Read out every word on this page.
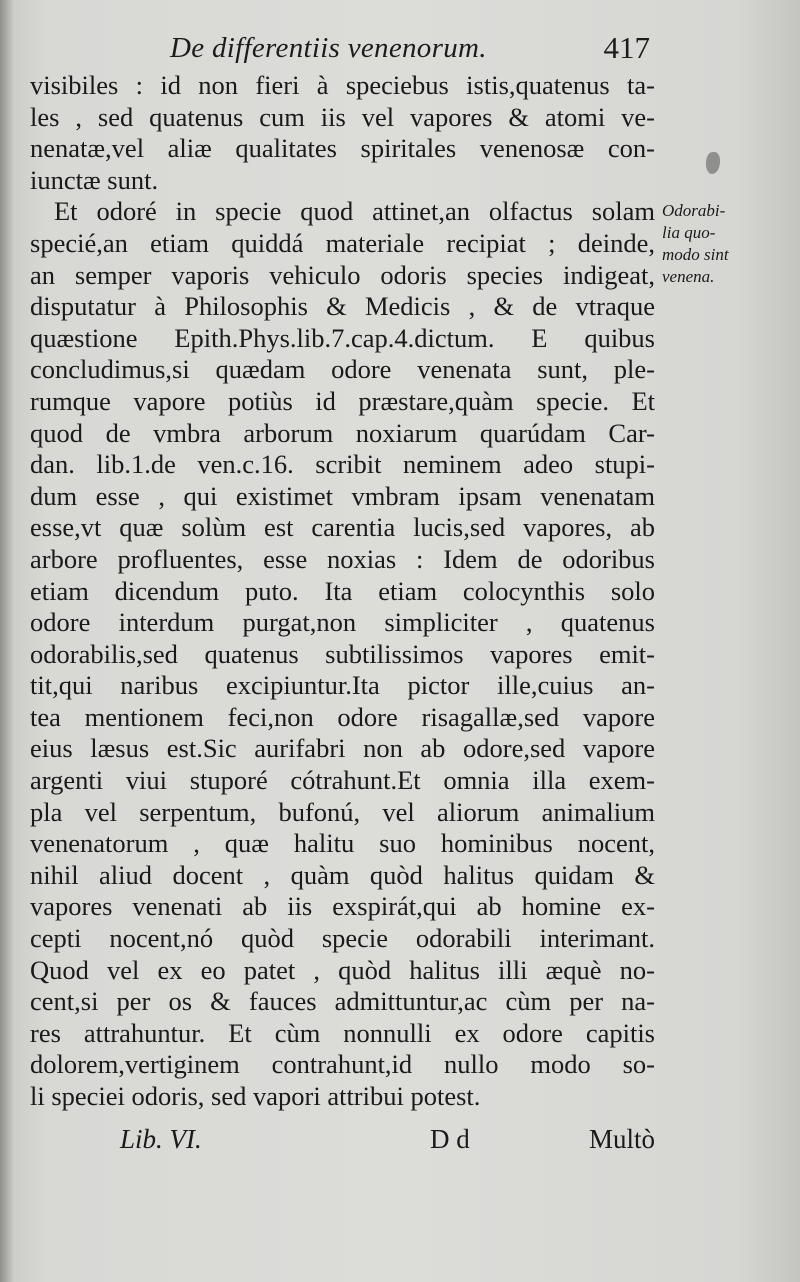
De differentiis venenorum.	417
visibiles : id non fieri à speciebus istis,quatenus ta-
les , sed quatenus cum iis vel vapores & atomi ve-
nenatæ,vel aliæ qualitates spiritales venenosæ con-
iunctæ sunt.
Et odoré in specie quod attinet,an olfactus solam
specié,an etiam quiddá materiale recipiat ; deinde,
an semper vaporis vehiculo odoris species indigeat,
disputatur à Philosophis & Medicis , & de vtraque
quæstione Epith.Phys.lib.7.cap.4.dictum. E quibus
concludimus,si quædam odore venenata sunt, ple-
rumque vapore potiùs id præstare,quàm specie. Et
quod de vmbra arborum noxiarum quarúdam Car-
dan. lib.1.de ven.c.16. scribit neminem adeo stupi-
dum esse , qui existimet vmbram ipsam venenatam
esse,vt quæ solùm est carentia lucis,sed vapores, ab
arbore profluentes, esse noxias : Idem de odoribus
etiam dicendum puto. Ita etiam colocynthis solo
odore interdum purgat,non simpliciter , quatenus
odorabilis,sed quatenus subtilissimos vapores emit-
tit,qui naribus excipiuntur.Ita pictor ille,cuius an-
tea mentionem feci,non odore risagallæ,sed vapore
eius læsus est.Sic aurifabri non ab odore,sed vapore
argenti viui stuporé cótrahunt.Et omnia illa exem-
pla vel serpentum, bufonú, vel aliorum animalium
venenatorum , quæ halitu suo hominibus nocent,
nihil aliud docent , quàm quòd halitus quidam &
vapores venenati ab iis exspirát,qui ab homine ex-
cepti nocent,nó quòd specie odorabili interimant.
Quod vel ex eo patet , quòd halitus illi æquè no-
cent,si per os & fauces admittuntur,ac cùm per na-
res attrahuntur. Et cùm nonnulli ex odore capitis
dolorem,vertiginem contrahunt,id nullo modo so-
li speciei odoris, sed vapori attribui potest.
Odorabi-
lia quo-
modo sint
venena.
Lib. VI.	D d	Multò
